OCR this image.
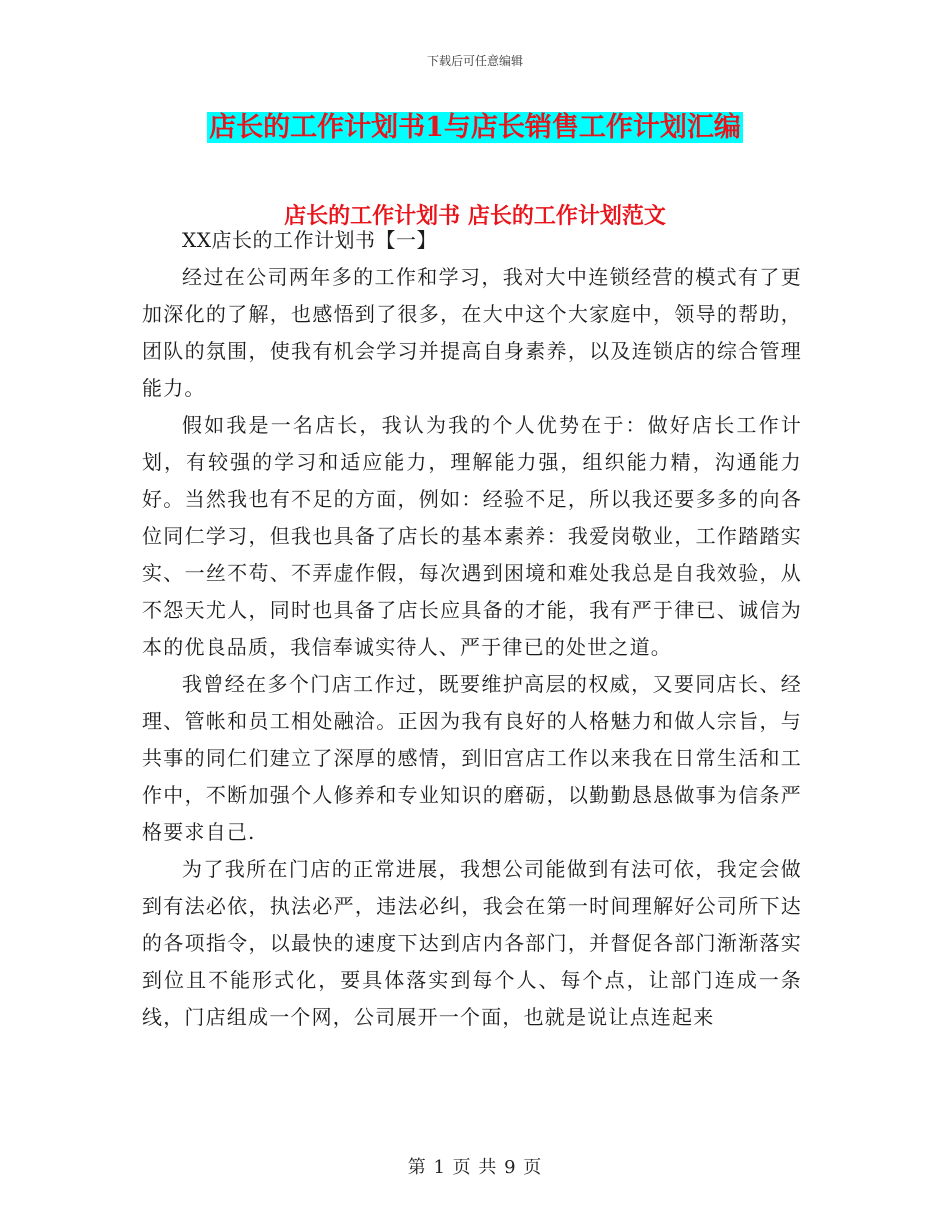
下载后可任意编辑
店长的工作计划书1与店长销售工作计划汇编
店长的工作计划书 店长的工作计划范文

XX店长的工作计划书【一】

经过在公司两年多的工作和学习，我对大中连锁经营的模式有了更加深化的了解，也感悟到了很多，在大中这个大家庭中，领导的帮助，团队的氛围，使我有机会学习并提高自身素养，以及连锁店的综合管理能力。

假如我是一名店长，我认为我的个人优势在于：做好店长工作计划，有较强的学习和适应能力，理解能力强，组织能力精，沟通能力好。当然我也有不足的方面，例如：经验不足，所以我还要多多的向各位同仁学习，但我也具备了店长的基本素养：我爱岗敬业，工作踏踏实实、一丝不苟、不弄虚作假，每次遇到困境和难处我总是自我效验，从不怨天尤人，同时也具备了店长应具备的才能，我有严于律已、诚信为本的优良品质，我信奉诚实待人、严于律已的处世之道。

我曾经在多个门店工作过，既要维护高层的权威，又要同店长、经理、管帐和员工相处融洽。正因为我有良好的人格魅力和做人宗旨，与共事的同仁们建立了深厚的感情，到旧宫店工作以来我在日常生活和工作中，不断加强个人修养和专业知识的磨砺，以勤勤恳恳做事为信条严格要求自己.

为了我所在门店的正常进展，我想公司能做到有法可依，我定会做到有法必依，执法必严，违法必纠，我会在第一时间理解好公司所下达的各项指令，以最快的速度下达到店内各部门，并督促各部门渐渐落实到位且不能形式化，要具体落实到每个人、每个点，让部门连成一条线，门店组成一个网，公司展开一个面，也就是说让点连起来

第 1 页 共 9 页
